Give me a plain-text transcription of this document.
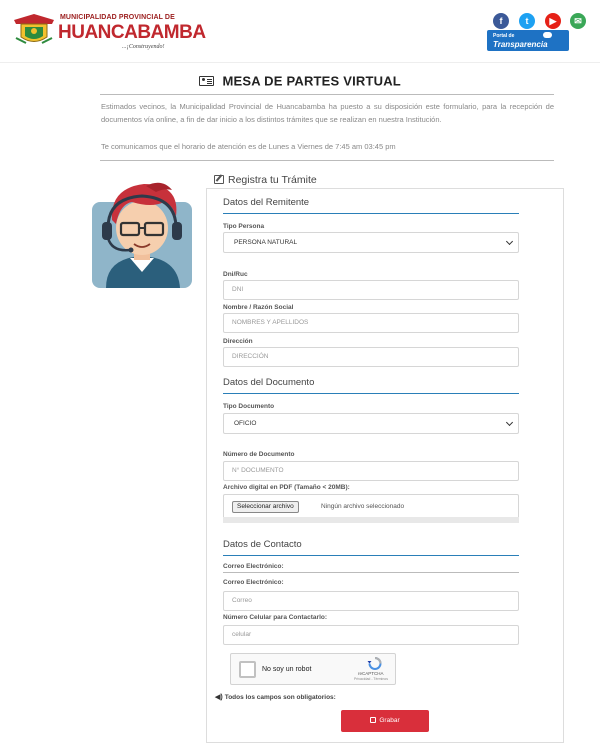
MUNICIPALIDAD PROVINCIAL DE
HUANCABAMBA
...¡Construyendo!
f	t	▶	✉
Portal de
Transparencia
MESA DE PARTES VIRTUAL
Estimados vecinos, la Municipalidad Provincial de Huancabamba ha puesto a su disposición este formulario, para la recepción de documentos vía online, a fin de dar inicio a los distintos trámites que se realizan en nuestra Institución.
Te comunicamos que el horario de atención es de Lunes a Viernes de 7:45 am 03:45 pm
Registra tu Trámite
Datos del Remitente
Tipo Persona
PERSONA NATURAL
Dni/Ruc
DNI
Nombre / Razón Social
NOMBRES Y APELLIDOS
Dirección
DIRECCIÓN
Datos del Documento
Tipo Documento
OFICIO
Número de Documento
N° DOCUMENTO
Archivo digital en PDF (Tamaño < 20MB):
Seleccionar archivo	Ningún archivo seleccionado
Datos de Contacto
Correo Electrónico:
Correo Electrónico:
Correo
Número Celular para Contactarlo:
celular
No soy un robot
reCAPTCHA
Privacidad - Términos
◀) Todos los campos son obligatorios:
Grabar
